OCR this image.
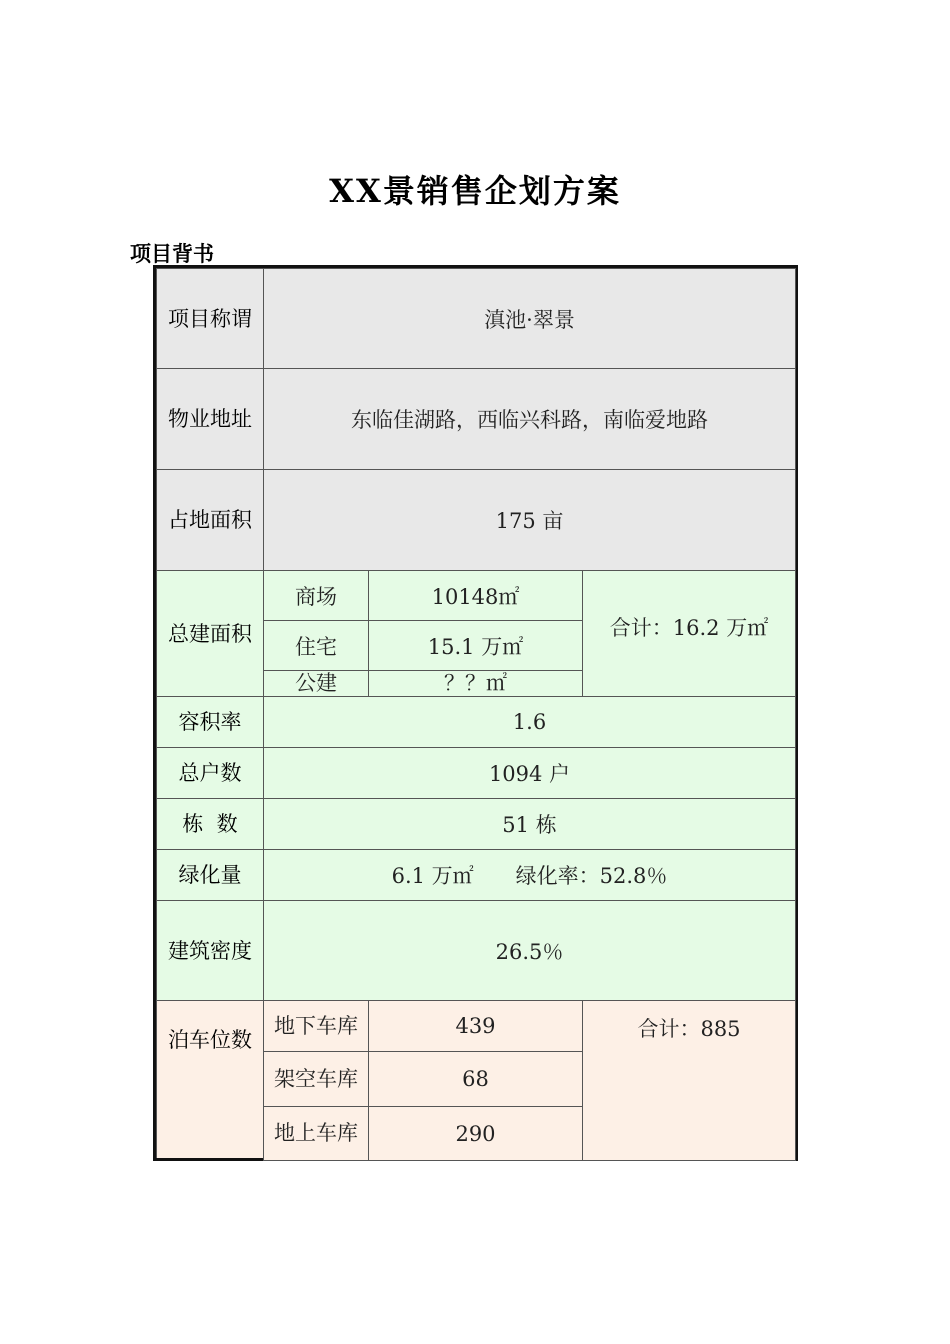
XX景销售企划方案
项目背书
项目称谓	滇池·翠景		
物业地址	东临佳湖路，西临兴科路，南临爱地路		
占地面积	175 亩		
总建面积	商场	10148㎡	合计：16.2 万㎡
	住宅	15.1 万㎡	
	公建	？？㎡	
容积率	1.6		
总户数	1094 户		
栋  数	51 栋		
绿化量	6.1 万㎡　　绿化率：52.8％		
建筑密度	26.5％		
泊车位数	地下车库	439	合计：885
	架空车库	68	
	地上车库	290	
